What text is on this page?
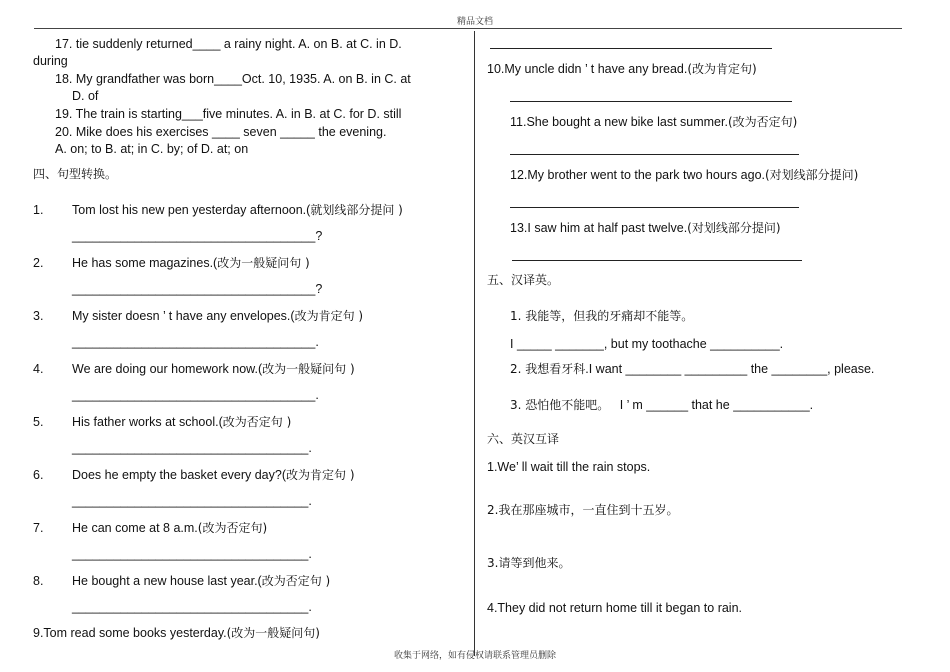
精品文档
17. tie suddenly returned____ a rainy night. A. on B. at C. in D.
during
18. My grandfather was born____Oct. 10, 1935. A. on B. in C. at
D. of
19. The train is starting___five minutes. A. in B. at C. for D. still
20. Mike does his exercises ____ seven _____ the evening.
A. on; to B. at; in C. by; of D. at; on
四、句型转换。
1. Tom lost his new pen yesterday afternoon.(就划线部分提问 )
___________________________________?
2. He has some magazines.(改为一般疑问句 )
___________________________________?
3. My sister doesn ’ t have any envelopes.(改为肯定句 )
___________________________________.
4. We are doing our homework now.(改为一般疑问句 )
___________________________________.
5. His father works at school.(改为否定句 )
__________________________________.
6. Does he empty the basket every day?(改为肯定句 )
__________________________________.
7. He can come at 8 a.m.(改为否定句)
__________________________________.
8. He bought a new house last year.(改为否定句 )
__________________________________.
9.Tom read some books yesterday.(改为一般疑问句)
10.My uncle didn ’ t have any bread.(改为肯定句)
11.She bought a new bike last summer.(改为否定句)
12.My brother went to the park two hours ago.(对划线部分提问)
13.I saw him at half past twelve.(对划线部分提问)
五、汉译英。
1. 我能等，但我的牙痛却不能等。
I _____ _______, but my toothache __________.
2. 我想看牙科.I want ________ _________ the ________, please.
3. 恐怕他不能吧。 I ’ m ______ that he ___________.
六、英汉互译
1.We’ ll wait till the rain stops.
2.我在那座城市，一直住到十五岁。
3.请等到他来。
4.They did not return home till it began to rain.
收集于网络，如有侵权请联系管理员删除
